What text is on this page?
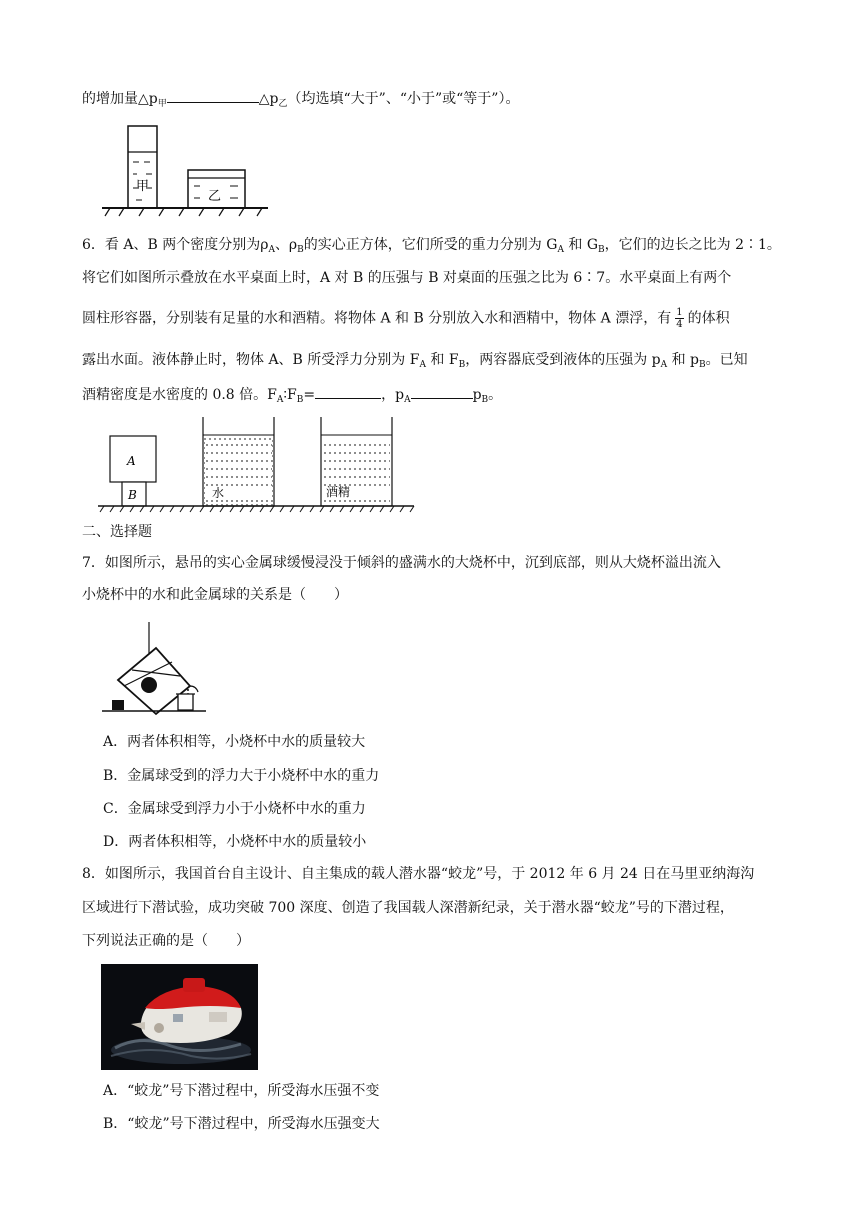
的增加量$\triangle p_甲$	$\triangle p_乙$（均选填“大于”、“小于”或“等于”）。
甲
乙
6．看 A、B 两个密度分别为$\rho_A$、$\rho_B$的实心正方体，它们所受的重力分别为 $G_A$ 和 $G_B$，它们的边长之比为 2∶1。
将它们如图所示叠放在水平桌面上时，A 对 B 的压强与 B 对桌面的压强之比为 6∶7。水平桌面上有两个
圆柱形容器，分别装有足量的水和酒精。将物体 A 和 B 分别放入水和酒精中，物体 A 漂浮，有 $\frac{1}{4}$ 的体积
露出水面。液体静止时，物体 A、B 所受浮力分别为 $F_A$ 和 $F_B$，两容器底受到液体的压强为 $p_A$ 和 $p_B$。已知
酒精密度是水密度的 0.8 倍。$F_A∶F_B=$	，$p_A$	$p_B$。
A
B	水	酒精
二、选择题
7．如图所示，悬吊的实心金属球缓慢浸没于倾斜的盛满水的大烧杯中，沉到底部，则从大烧杯溢出流入
小烧杯中的水和此金属球的关系是（　　）
A．两者体积相等，小烧杯中水的质量较大
B．金属球受到的浮力大于小烧杯中水的重力
C．金属球受到浮力小于小烧杯中水的重力
D．两者体积相等，小烧杯中水的质量较小
8．如图所示，我国首台自主设计、自主集成的载人潜水器“蛟龙”号，于 2012 年 6 月 24 日在马里亚纳海沟
区域进行下潜试验，成功突破 700 深度、创造了我国载人深潜新纪录，关于潜水器“蛟龙”号的下潜过程，
下列说法正确的是（　　）
A．“蛟龙”号下潜过程中，所受海水压强不变
B．“蛟龙”号下潜过程中，所受海水压强变大
